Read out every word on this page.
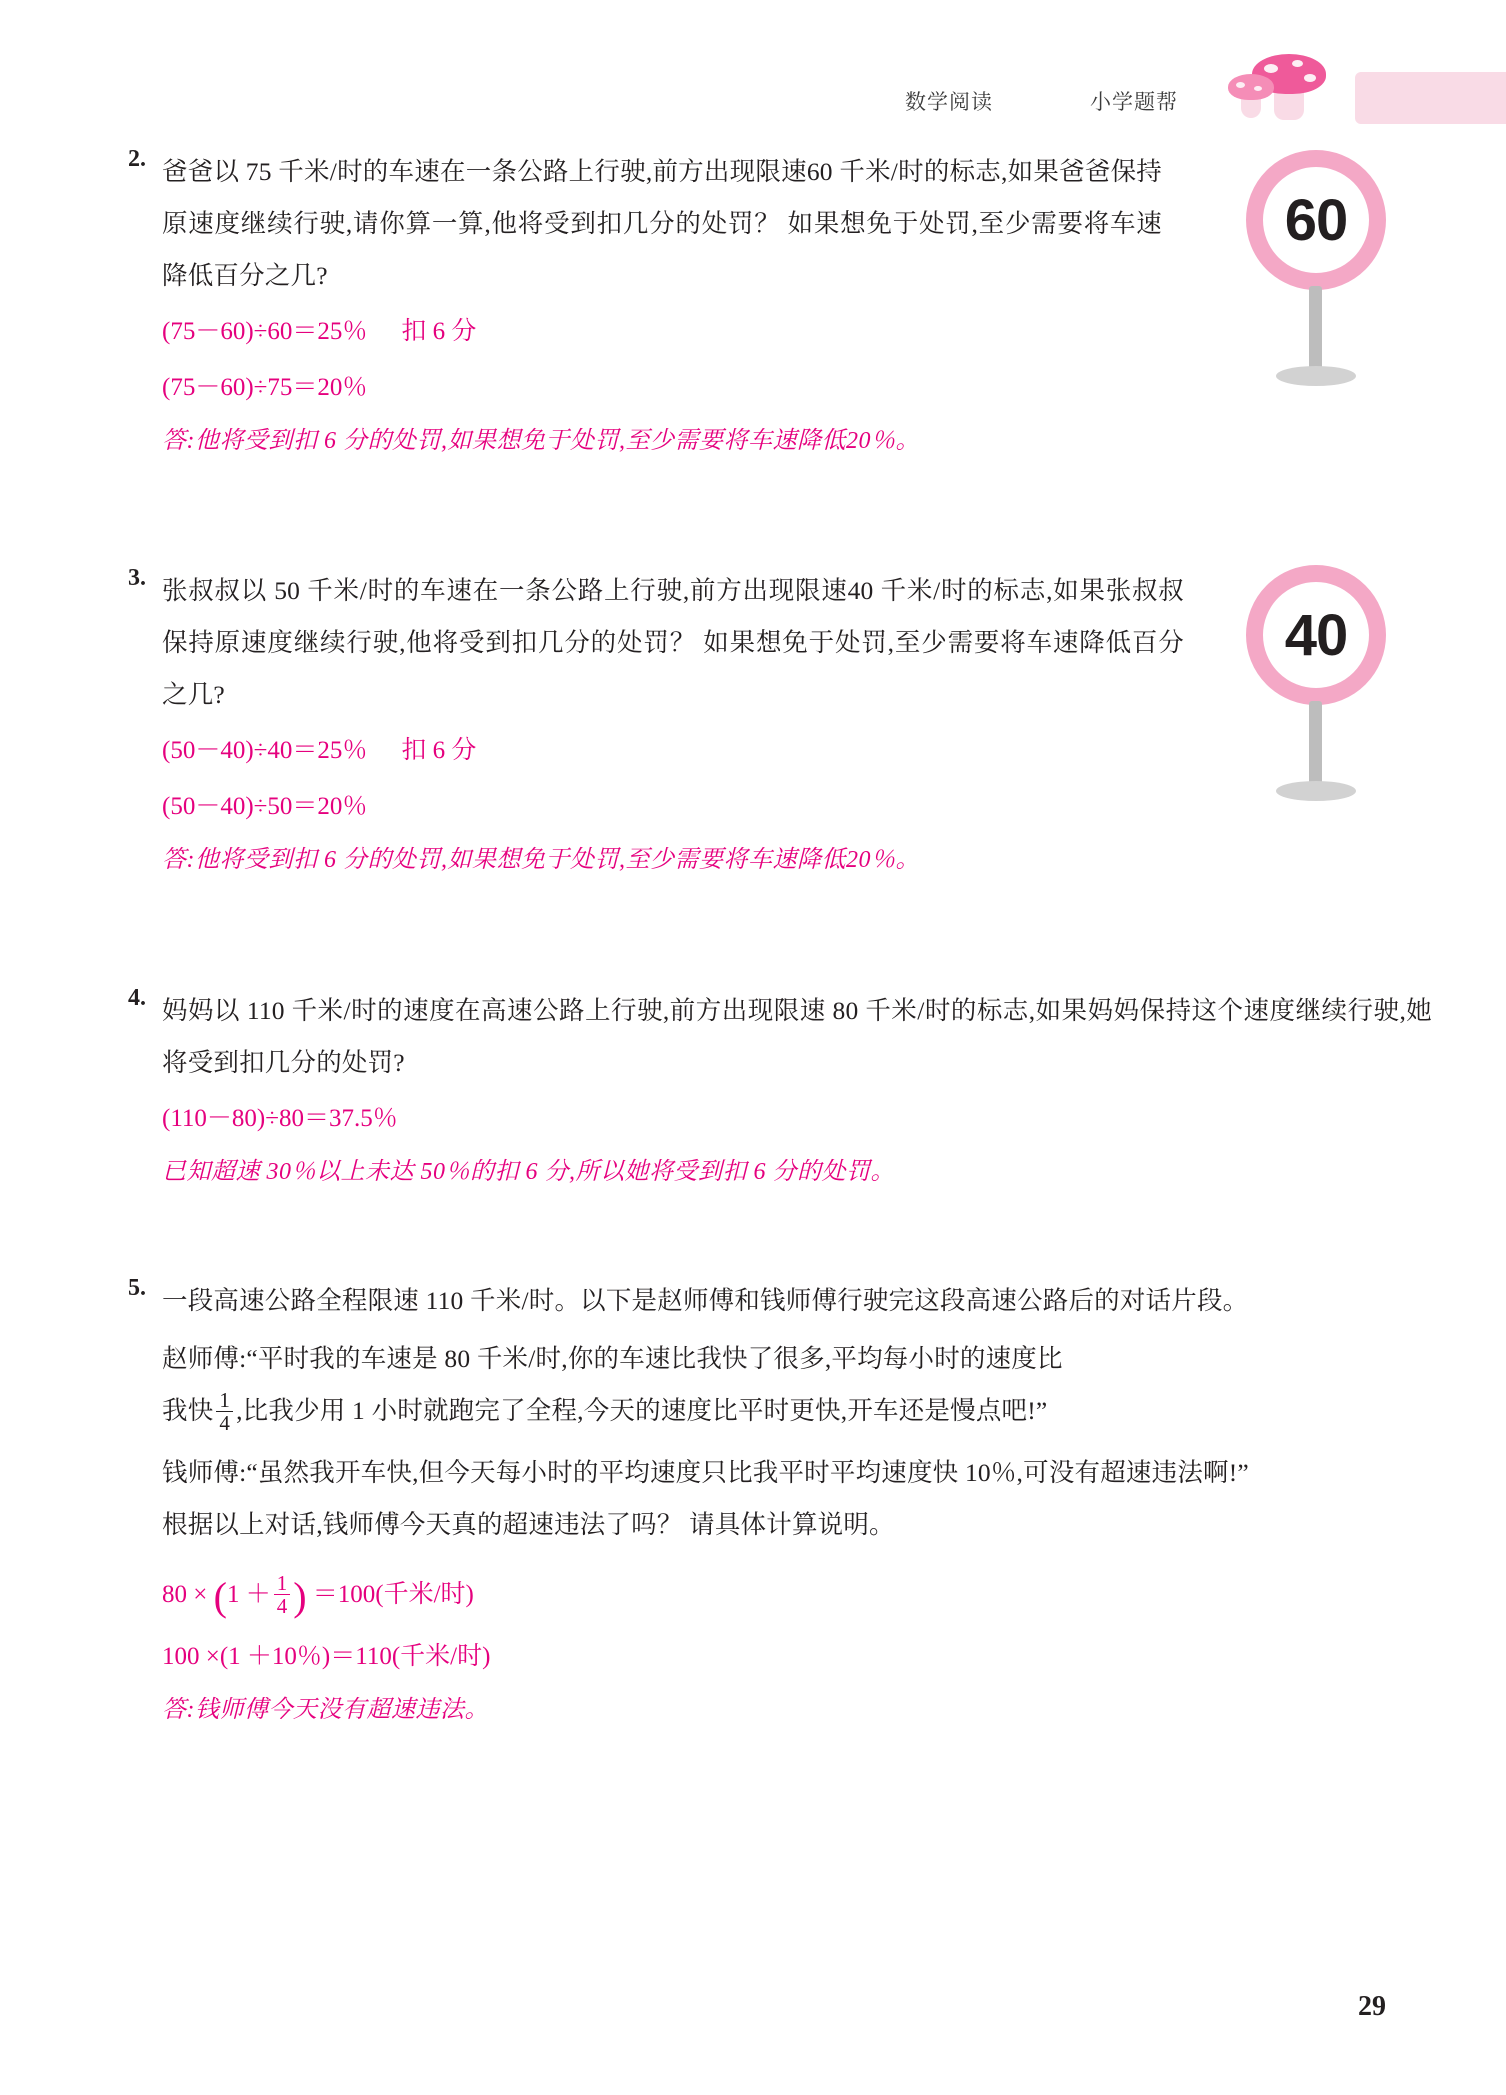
数学阅读	小学题帮
2. 爸爸以 75 千米/时的车速在一条公路上行驶,前方出现限速60 千米/时的标志,如果爸爸保持原速度继续行驶,请你算一算,他将受到扣几分的处罚？ 如果想免于处罚,至少需要将车速降低百分之几?

(75－60)÷60＝25％ 扣 6 分
(75－60)÷75＝20％
答:他将受到扣 6 分的处罚,如果想免于处罚,至少需要将车速降低20％。
60
3. 张叔叔以 50 千米/时的车速在一条公路上行驶,前方出现限速40 千米/时的标志,如果张叔叔保持原速度继续行驶,他将受到扣几分的处罚？ 如果想免于处罚,至少需要将车速降低百分之几?

(50－40)÷40＝25％ 扣 6 分
(50－40)÷50＝20％
答:他将受到扣 6 分的处罚,如果想免于处罚,至少需要将车速降低20％。
40
4. 妈妈以 110 千米/时的速度在高速公路上行驶,前方出现限速 80 千米/时的标志,如果妈妈保持这个速度继续行驶,她将受到扣几分的处罚?

(110－80)÷80＝37.5％
已知超速 30％以上未达 50％的扣 6 分,所以她将受到扣 6 分的处罚。
5. 一段高速公路全程限速 110 千米/时。以下是赵师傅和钱师傅行驶完这段高速公路后的对话片段。

赵师傅:“平时我的车速是 80 千米/时,你的车速比我快了很多,平均每小时的速度比

我快 $\frac{1}{4}$ ,比我少用 1 小时就跑完了全程,今天的速度比平时更快,开车还是慢点吧!”

钱师傅:“虽然我开车快,但今天每小时的平均速度只比我平时平均速度快 10％,可没有超速违法啊!”

根据以上对话,钱师傅今天真的超速违法了吗？ 请具体计算说明。

$80 \times (1 + \frac{1}{4}$ ) ＝100(千米/时)
100 ×(1 ＋10％)＝110(千米/时)
答:钱师傅今天没有超速违法。
29
